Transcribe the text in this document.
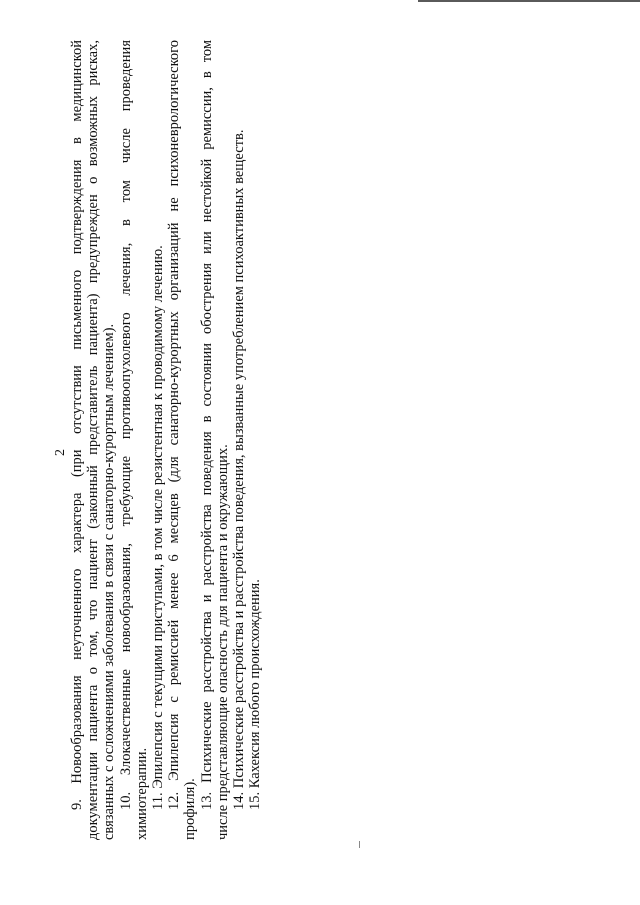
2 9. Новообразования неуточненного характера (при отсутствии письменного подтверждения в медицинской документации пациента о том, что пациент (законный представитель пациента) предупрежден о возможных рисках, связанных с осложнениями заболевания в связи с санаторно-курортным лечением). 10. Злокачественные новообразования, требующие противоопухолевого лечения, в том числе проведения химиотерапии. 11. Эпилепсия с текущими приступами, в том числе резистентная к проводимому лечению. 12. Эпилепсия с ремиссией менее 6 месяцев (для санаторно-курортных организаций не психоневрологического профиля). 13. Психические расстройства и расстройства поведения в состоянии обострения или нестойкой ремиссии, в том числе представляющие опасность для пациента и окружающих. 14. Психические расстройства и расстройства поведения, вызванные употреблением психоактивных веществ. 15. Кахексия любого происхождения.
